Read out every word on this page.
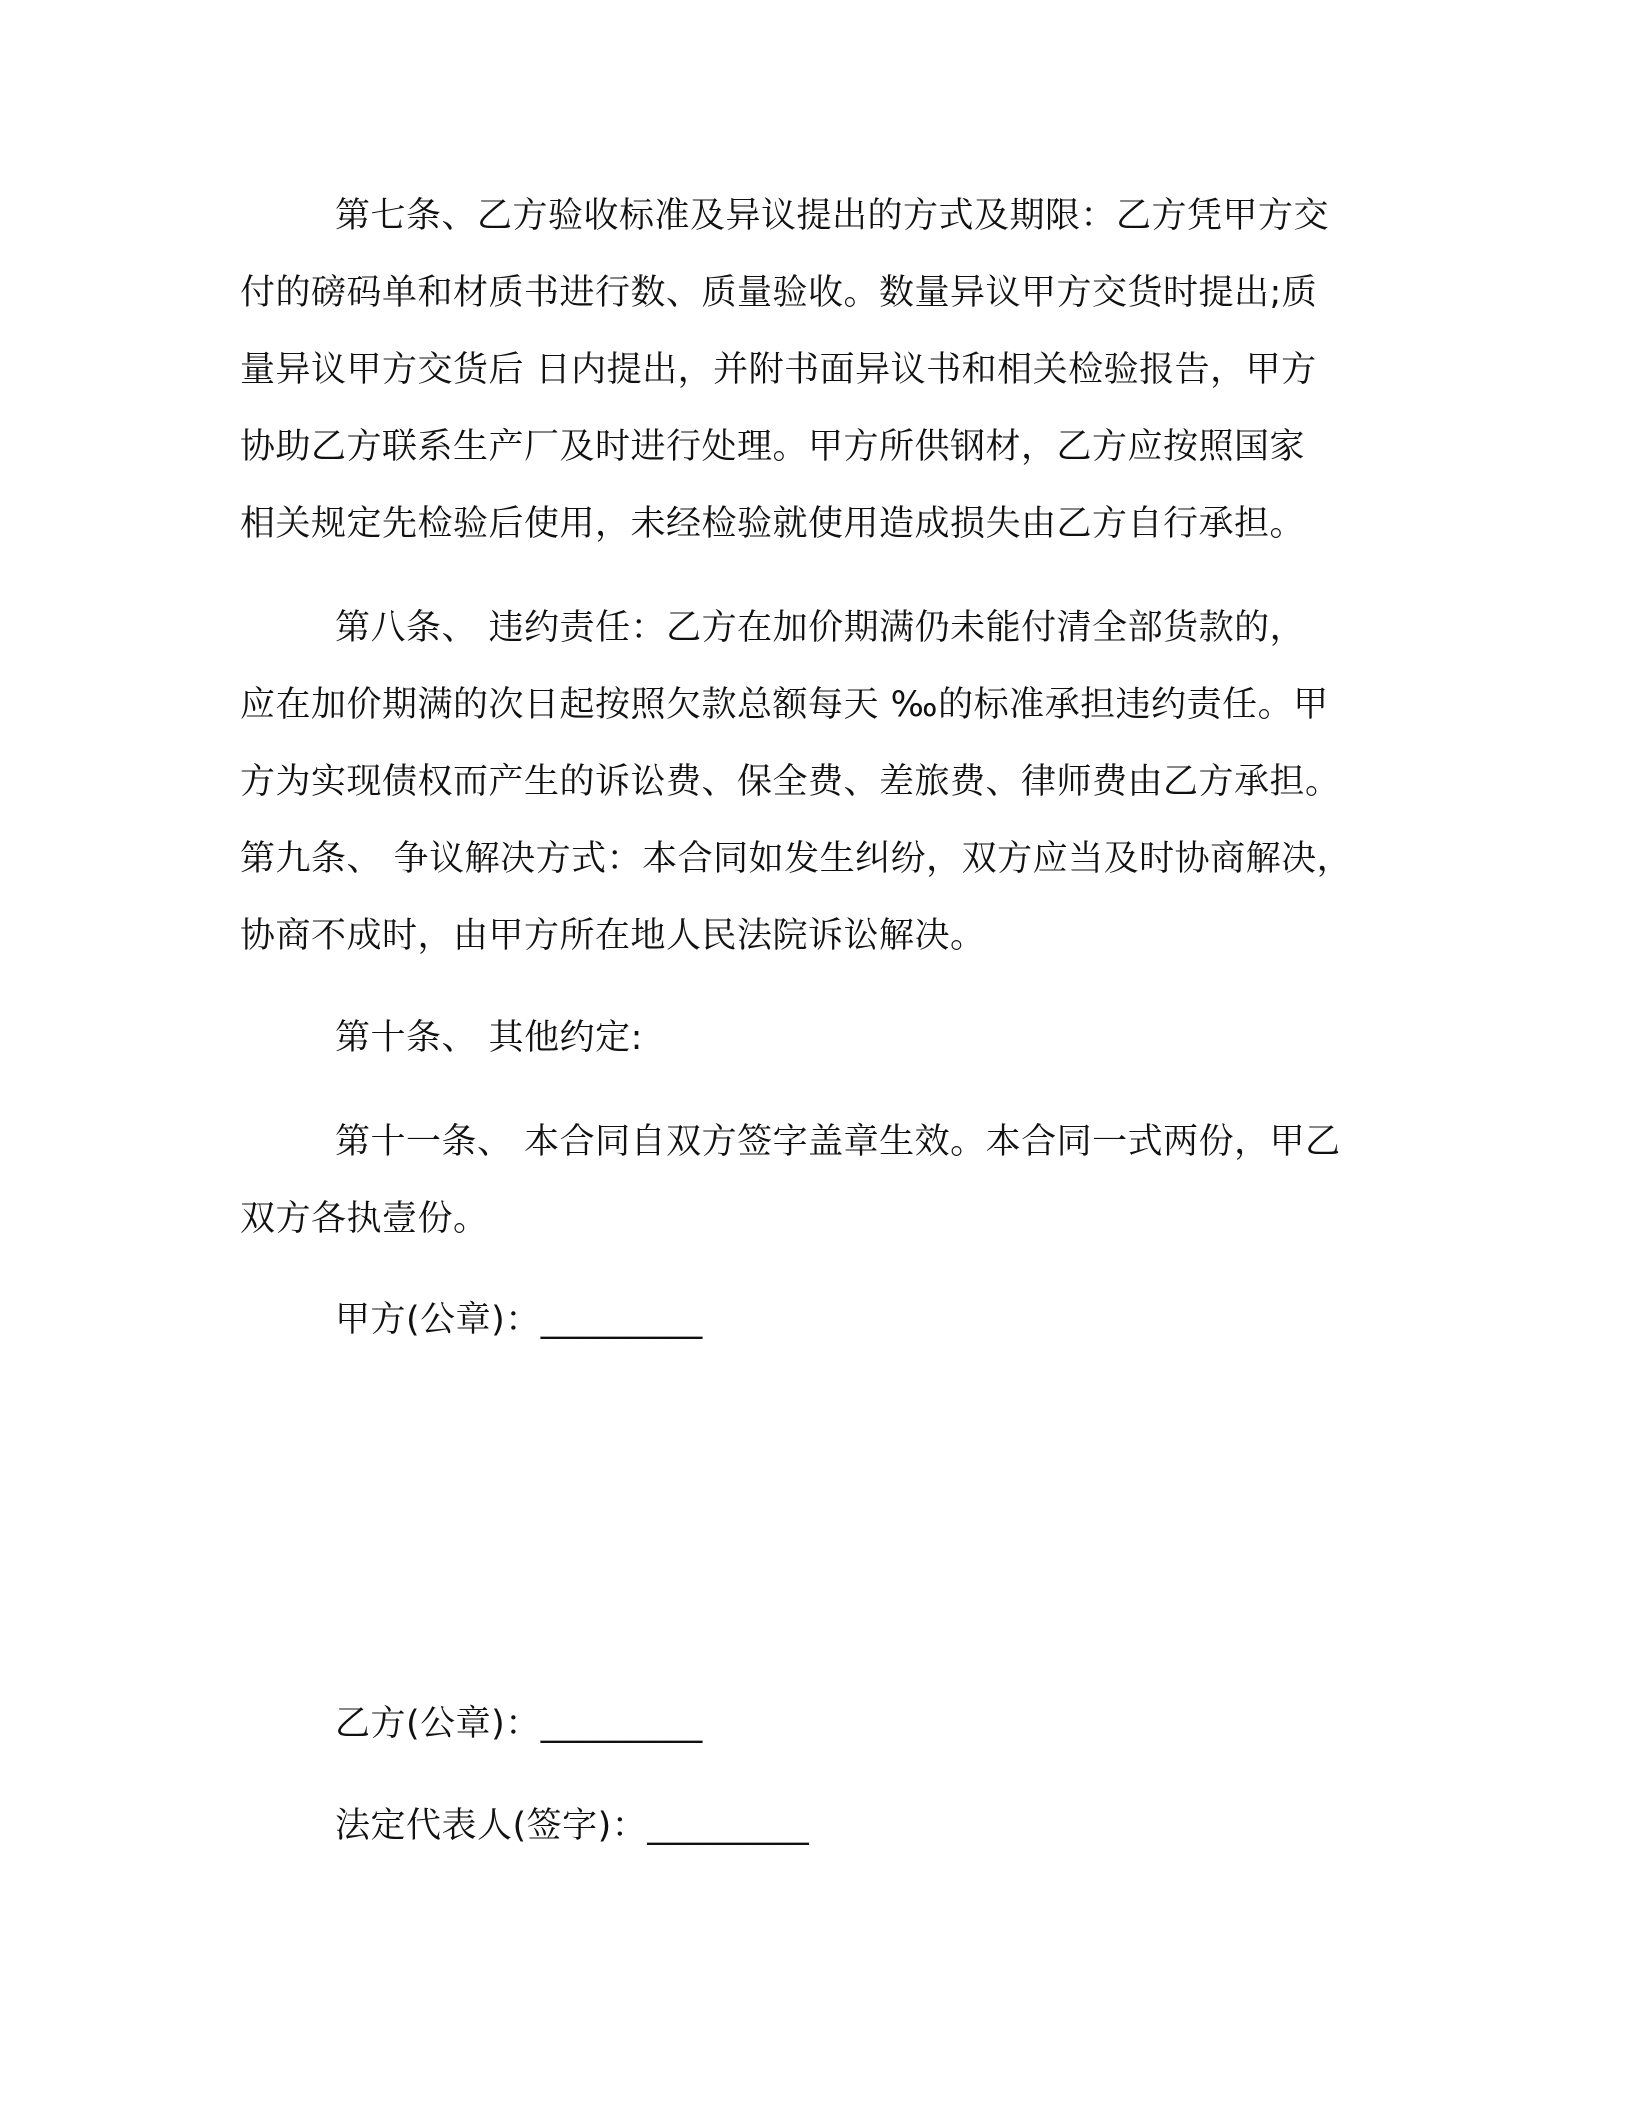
第七条、乙方验收标准及异议提出的方式及期限：乙方凭甲方交
付的磅码单和材质书进行数、质量验收。数量异议甲方交货时提出;质
量异议甲方交货后 日内提出，并附书面异议书和相关检验报告，甲方
协助乙方联系生产厂及时进行处理。甲方所供钢材，乙方应按照国家
相关规定先检验后使用，未经检验就使用造成损失由乙方自行承担。
第八条、 违约责任：乙方在加价期满仍未能付清全部货款的，
应在加价期满的次日起按照欠款总额每天 ‰的标准承担违约责任。甲
方为实现债权而产生的诉讼费、保全费、差旅费、律师费由乙方承担。
第九条、 争议解决方式：本合同如发生纠纷，双方应当及时协商解决，
协商不成时，由甲方所在地人民法院诉讼解决。
第十条、 其他约定:
第十一条、 本合同自双方签字盖章生效。本合同一式两份，甲乙
双方各执壹份。
甲方(公章)：_________
乙方(公章)：_________
法定代表人(签字)：_________
